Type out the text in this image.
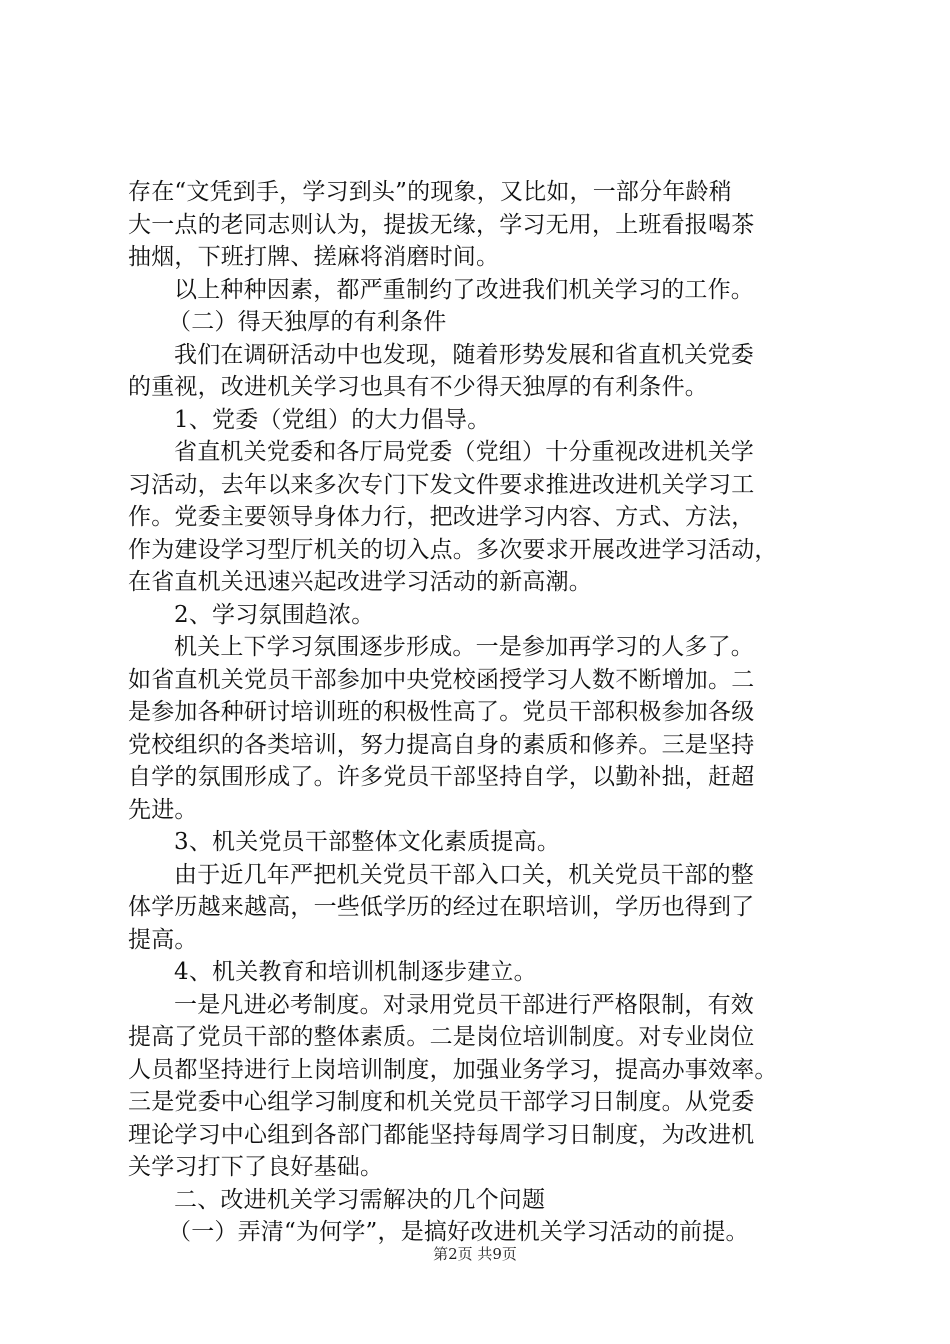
存在“文凭到手，学习到头”的现象，又比如，一部分年龄稍
大一点的老同志则认为，提拔无缘，学习无用，上班看报喝茶
抽烟，下班打牌、搓麻将消磨时间。
以上种种因素，都严重制约了改进我们机关学习的工作。
（二）得天独厚的有利条件
我们在调研活动中也发现，随着形势发展和省直机关党委
的重视，改进机关学习也具有不少得天独厚的有利条件。
1、党委（党组）的大力倡导。
省直机关党委和各厅局党委（党组）十分重视改进机关学
习活动，去年以来多次专门下发文件要求推进改进机关学习工
作。党委主要领导身体力行，把改进学习内容、方式、方法，
作为建设学习型厅机关的切入点。多次要求开展改进学习活动，
在省直机关迅速兴起改进学习活动的新高潮。
2、学习氛围趋浓。
机关上下学习氛围逐步形成。一是参加再学习的人多了。
如省直机关党员干部参加中央党校函授学习人数不断增加。二
是参加各种研讨培训班的积极性高了。党员干部积极参加各级
党校组织的各类培训，努力提高自身的素质和修养。三是坚持
自学的氛围形成了。许多党员干部坚持自学，以勤补拙，赶超
先进。
3、机关党员干部整体文化素质提高。
由于近几年严把机关党员干部入口关，机关党员干部的整
体学历越来越高，一些低学历的经过在职培训，学历也得到了
提高。
4、机关教育和培训机制逐步建立。
一是凡进必考制度。对录用党员干部进行严格限制，有效
提高了党员干部的整体素质。二是岗位培训制度。对专业岗位
人员都坚持进行上岗培训制度，加强业务学习，提高办事效率。
三是党委中心组学习制度和机关党员干部学习日制度。从党委
理论学习中心组到各部门都能坚持每周学习日制度，为改进机
关学习打下了良好基础。
二、改进机关学习需解决的几个问题
（一）弄清“为何学”，是搞好改进机关学习活动的前提。
第2页 共9页
